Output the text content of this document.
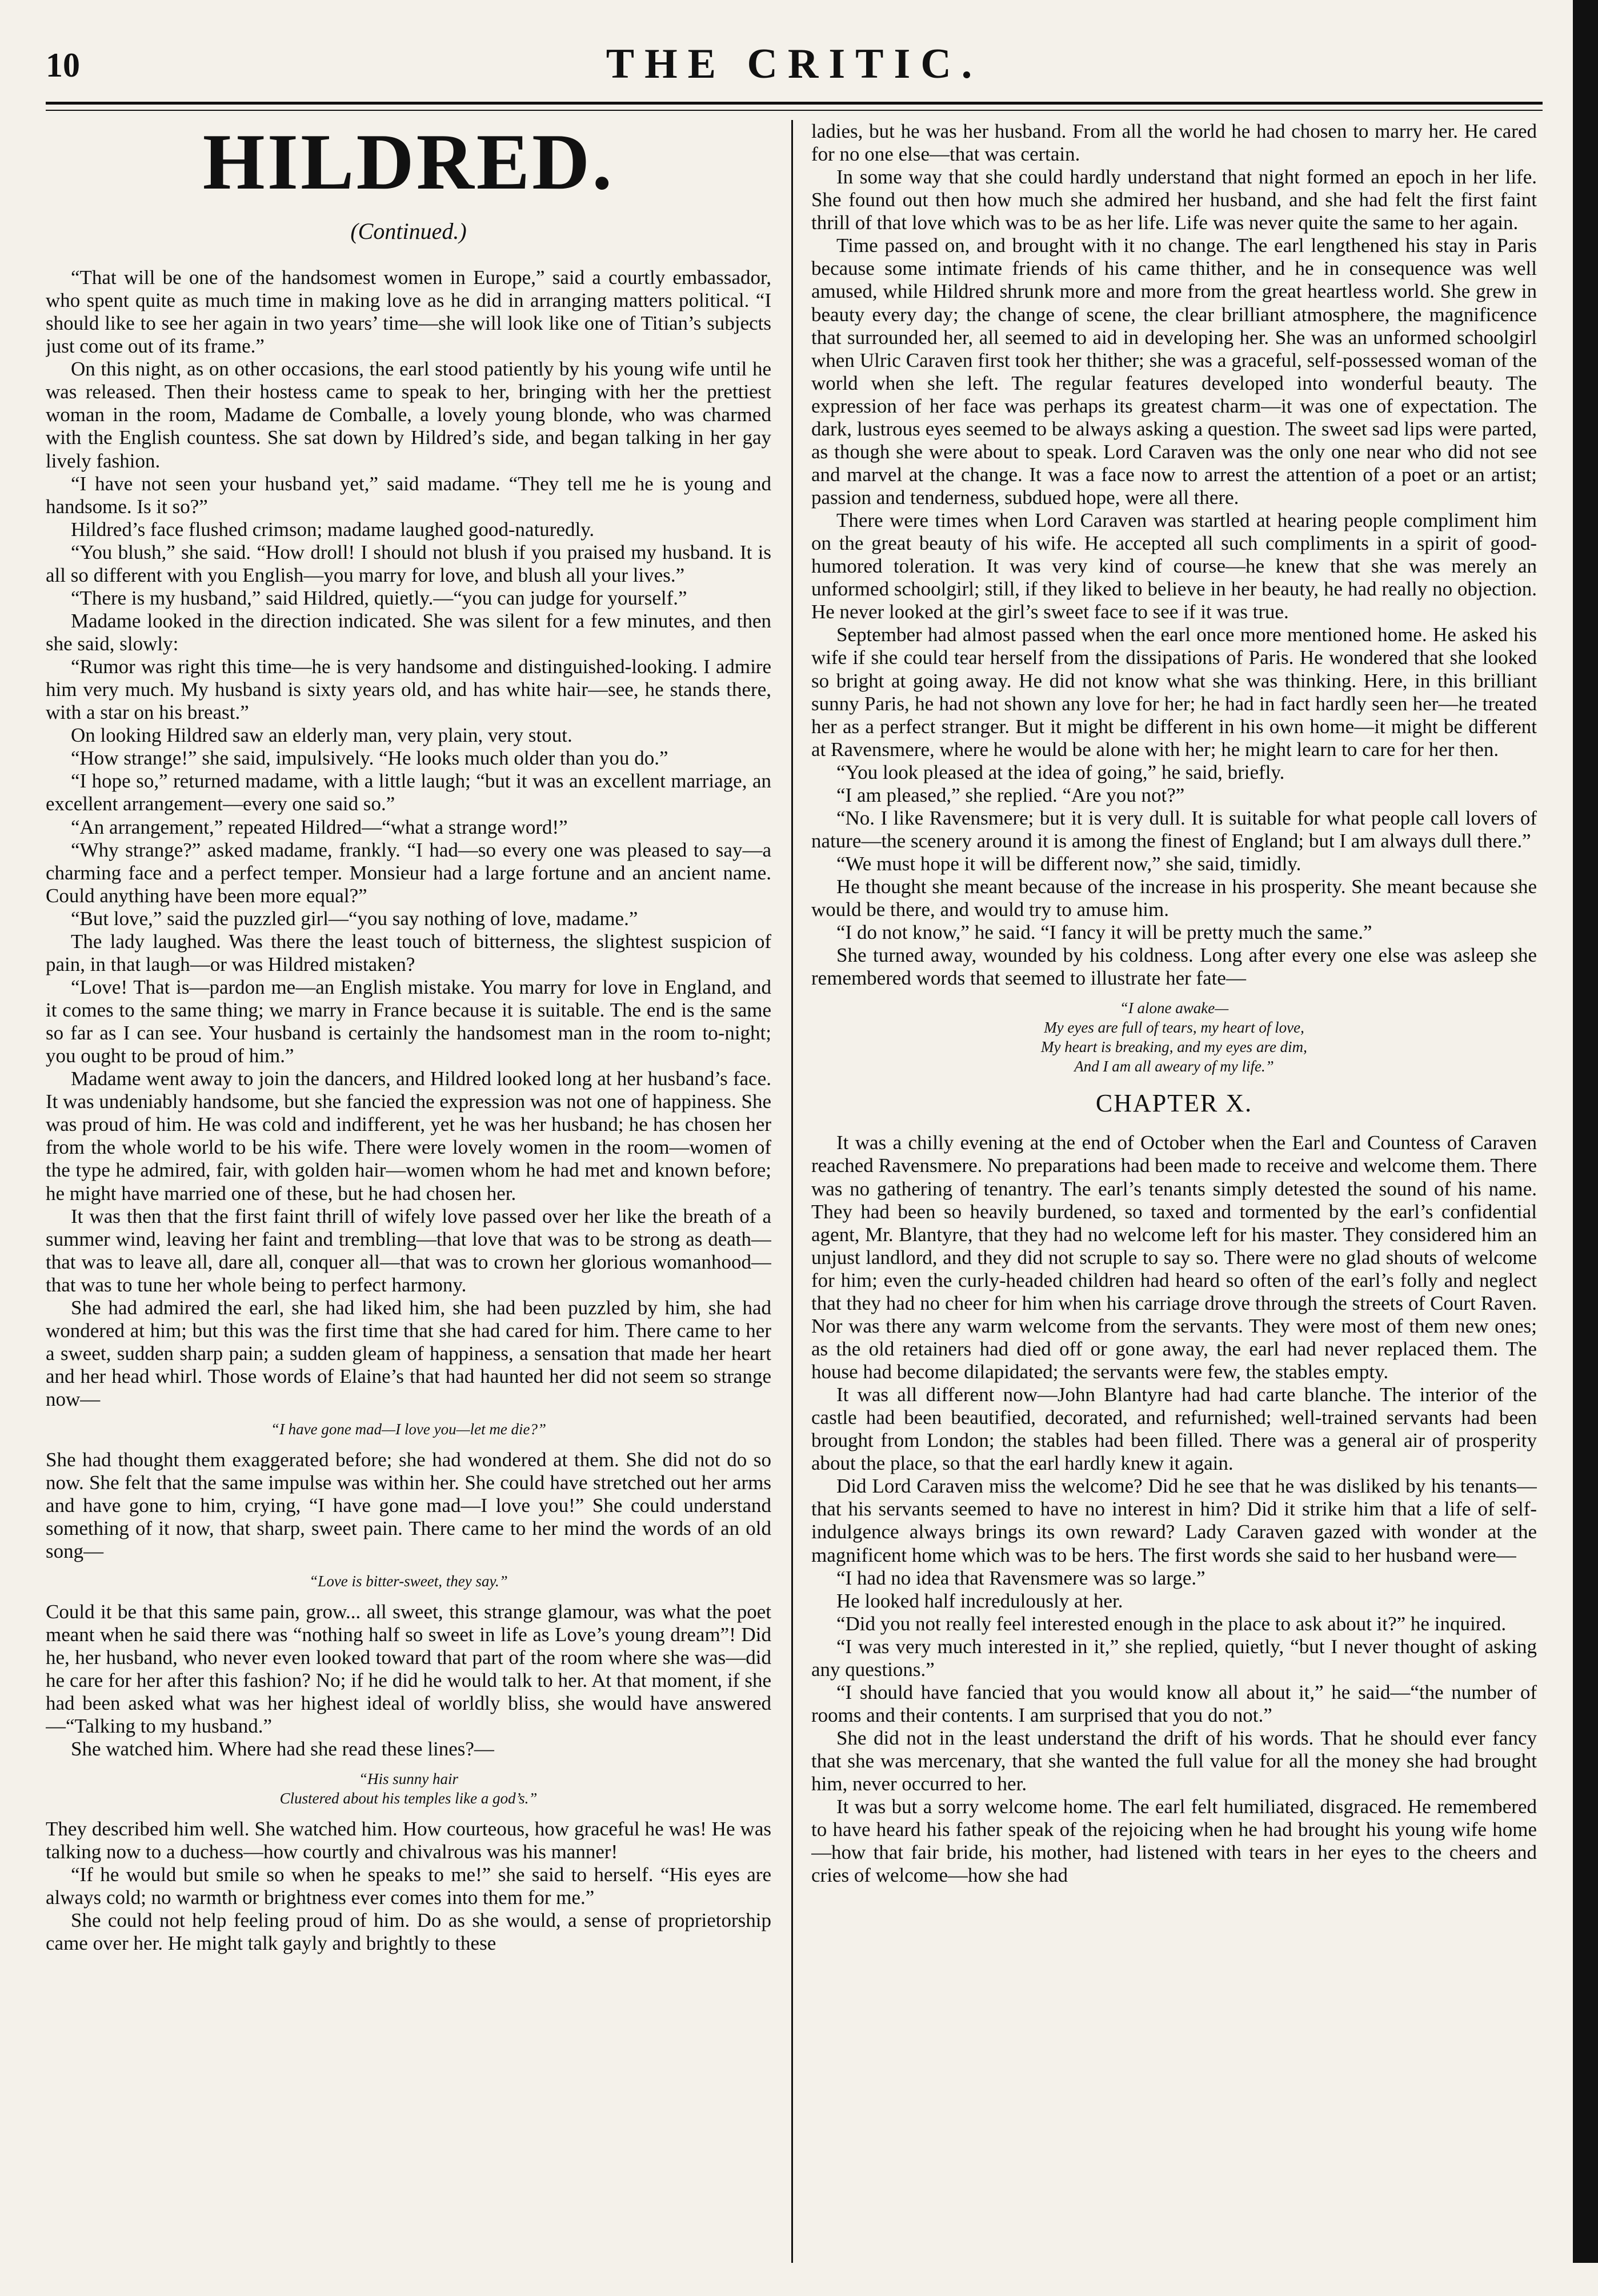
10	THE CRITIC.
HILDRED.
(Continued.)

“That will be one of the handsomest women in Europe,” said a courtly embassador, who spent quite as much time in making love as he did in arranging matters political. “I should like to see her again in two years’ time—she will look like one of Titian’s subjects just come out of its frame.”

On this night, as on other occasions, the earl stood patiently by his young wife until he was released. Then their hostess came to speak to her, bringing with her the prettiest woman in the room, Madame de Comballe, a lovely young blonde, who was charmed with the English countess. She sat down by Hildred’s side, and began talking in her gay lively fashion.

“I have not seen your husband yet,” said madame. “They tell me he is young and handsome. Is it so?”

Hildred’s face flushed crimson; madame laughed good-naturedly.

“You blush,” she said. “How droll! I should not blush if you praised my husband. It is all so different with you English—you marry for love, and blush all your lives.”

“There is my husband,” said Hildred, quietly.—“you can judge for yourself.”

Madame looked in the direction indicated. She was silent for a few minutes, and then she said, slowly:

“Rumor was right this time—he is very handsome and distinguished-looking. I admire him very much. My husband is sixty years old, and has white hair—see, he stands there, with a star on his breast.”

On looking Hildred saw an elderly man, very plain, very stout.

“How strange!” she said, impulsively. “He looks much older than you do.”

“I hope so,” returned madame, with a little laugh; “but it was an excellent marriage, an excellent arrangement—every one said so.”

“An arrangement,” repeated Hildred—“what a strange word!”

“Why strange?” asked madame, frankly. “I had—so every one was pleased to say—a charming face and a perfect temper. Monsieur had a large fortune and an ancient name. Could anything have been more equal?”

“But love,” said the puzzled girl—“you say nothing of love, madame.”

The lady laughed. Was there the least touch of bitterness, the slightest suspicion of pain, in that laugh—or was Hildred mistaken?

“Love! That is—pardon me—an English mistake. You marry for love in England, and it comes to the same thing; we marry in France because it is suitable. The end is the same so far as I can see. Your husband is certainly the handsomest man in the room to-night; you ought to be proud of him.”

Madame went away to join the dancers, and Hildred looked long at her husband’s face. It was undeniably handsome, but she fancied the expression was not one of happiness. She was proud of him. He was cold and indifferent, yet he was her husband; he has chosen her from the whole world to be his wife. There were lovely women in the room—women of the type he admired, fair, with golden hair—women whom he had met and known before; he might have married one of these, but he had chosen her.

It was then that the first faint thrill of wifely love passed over her like the breath of a summer wind, leaving her faint and trembling—that love that was to be strong as death—that was to leave all, dare all, conquer all—that was to crown her glorious womanhood—that was to tune her whole being to perfect harmony.

She had admired the earl, she had liked him, she had been puzzled by him, she had wondered at him; but this was the first time that she had cared for him. There came to her a sweet, sudden sharp pain; a sudden gleam of happiness, a sensation that made her heart and her head whirl. Those words of Elaine’s that had haunted her did not seem so strange now—

“I have gone mad—I love you—let me die?”

She had thought them exaggerated before; she had wondered at them. She did not do so now. She felt that the same impulse was within her. She could have stretched out her arms and have gone to him, crying, “I have gone mad—I love you!” She could understand something of it now, that sharp, sweet pain. There came to her mind the words of an old song—

“Love is bitter-sweet, they say.”

Could it be that this same pain, grow... all sweet, this strange glamour, was what the poet meant when he said there was “nothing half so sweet in life as Love’s young dream”! Did he, her husband, who never even looked toward that part of the room where she was—did he care for her after this fashion? No; if he did he would talk to her. At that moment, if she had been asked what was her highest ideal of worldly bliss, she would have answered—“Talking to my husband.”

She watched him. Where had she read these lines?—

“His sunny hair
Clustered about his temples like a god’s.”

They described him well. She watched him. How courteous, how graceful he was! He was talking now to a duchess—how courtly and chivalrous was his manner!

“If he would but smile so when he speaks to me!” she said to herself. “His eyes are always cold; no warmth or brightness ever comes into them for me.”

She could not help feeling proud of him. Do as she would, a sense of proprietorship came over her. He might talk gayly and brightly to these

ladies, but he was her husband. From all the world he had chosen to marry her. He cared for no one else—that was certain.

In some way that she could hardly understand that night formed an epoch in her life. She found out then how much she admired her husband, and she had felt the first faint thrill of that love which was to be as her life. Life was never quite the same to her again.

Time passed on, and brought with it no change. The earl lengthened his stay in Paris because some intimate friends of his came thither, and he in consequence was well amused, while Hildred shrunk more and more from the great heartless world. She grew in beauty every day; the change of scene, the clear brilliant atmosphere, the magnificence that surrounded her, all seemed to aid in developing her. She was an unformed schoolgirl when Ulric Caraven first took her thither; she was a graceful, self-possessed woman of the world when she left. The regular features developed into wonderful beauty. The expression of her face was perhaps its greatest charm—it was one of expectation. The dark, lustrous eyes seemed to be always asking a question. The sweet sad lips were parted, as though she were about to speak. Lord Caraven was the only one near who did not see and marvel at the change. It was a face now to arrest the attention of a poet or an artist; passion and tenderness, subdued hope, were all there.

There were times when Lord Caraven was startled at hearing people compliment him on the great beauty of his wife. He accepted all such compliments in a spirit of good-humored toleration. It was very kind of course—he knew that she was merely an unformed schoolgirl; still, if they liked to believe in her beauty, he had really no objection. He never looked at the girl’s sweet face to see if it was true.

September had almost passed when the earl once more mentioned home. He asked his wife if she could tear herself from the dissipations of Paris. He wondered that she looked so bright at going away. He did not know what she was thinking. Here, in this brilliant sunny Paris, he had not shown any love for her; he had in fact hardly seen her—he treated her as a perfect stranger. But it might be different in his own home—it might be different at Ravensmere, where he would be alone with her; he might learn to care for her then.

“You look pleased at the idea of going,” he said, briefly.

“I am pleased,” she replied. “Are you not?”

“No. I like Ravensmere; but it is very dull. It is suitable for what people call lovers of nature—the scenery around it is among the finest of England; but I am always dull there.”

“We must hope it will be different now,” she said, timidly.

He thought she meant because of the increase in his prosperity. She meant because she would be there, and would try to amuse him.

“I do not know,” he said. “I fancy it will be pretty much the same.”

She turned away, wounded by his coldness. Long after every one else was asleep she remembered words that seemed to illustrate her fate—

“I alone awake—
My eyes are full of tears, my heart of love,
My heart is breaking, and my eyes are dim,
And I am all aweary of my life.”
CHAPTER X.

It was a chilly evening at the end of October when the Earl and Countess of Caraven reached Ravensmere. No preparations had been made to receive and welcome them. There was no gathering of tenantry. The earl’s tenants simply detested the sound of his name. They had been so heavily burdened, so taxed and tormented by the earl’s confidential agent, Mr. Blantyre, that they had no welcome left for his master. They considered him an unjust landlord, and they did not scruple to say so. There were no glad shouts of welcome for him; even the curly-headed children had heard so often of the earl’s folly and neglect that they had no cheer for him when his carriage drove through the streets of Court Raven. Nor was there any warm welcome from the servants. They were most of them new ones; as the old retainers had died off or gone away, the earl had never replaced them. The house had become dilapidated; the servants were few, the stables empty.

It was all different now—John Blantyre had had carte blanche. The interior of the castle had been beautified, decorated, and refurnished; well-trained servants had been brought from London; the stables had been filled. There was a general air of prosperity about the place, so that the earl hardly knew it again.

Did Lord Caraven miss the welcome? Did he see that he was disliked by his tenants—that his servants seemed to have no interest in him? Did it strike him that a life of self-indulgence always brings its own reward? Lady Caraven gazed with wonder at the magnificent home which was to be hers. The first words she said to her husband were—

“I had no idea that Ravensmere was so large.”

He looked half incredulously at her.

“Did you not really feel interested enough in the place to ask about it?” he inquired.

“I was very much interested in it,” she replied, quietly, “but I never thought of asking any questions.”

“I should have fancied that you would know all about it,” he said—“the number of rooms and their contents. I am surprised that you do not.”

She did not in the least understand the drift of his words. That he should ever fancy that she was mercenary, that she wanted the full value for all the money she had brought him, never occurred to her.

It was but a sorry welcome home. The earl felt humiliated, disgraced. He remembered to have heard his father speak of the rejoicing when he had brought his young wife home—how that fair bride, his mother, had listened with tears in her eyes to the cheers and cries of welcome—how she had
